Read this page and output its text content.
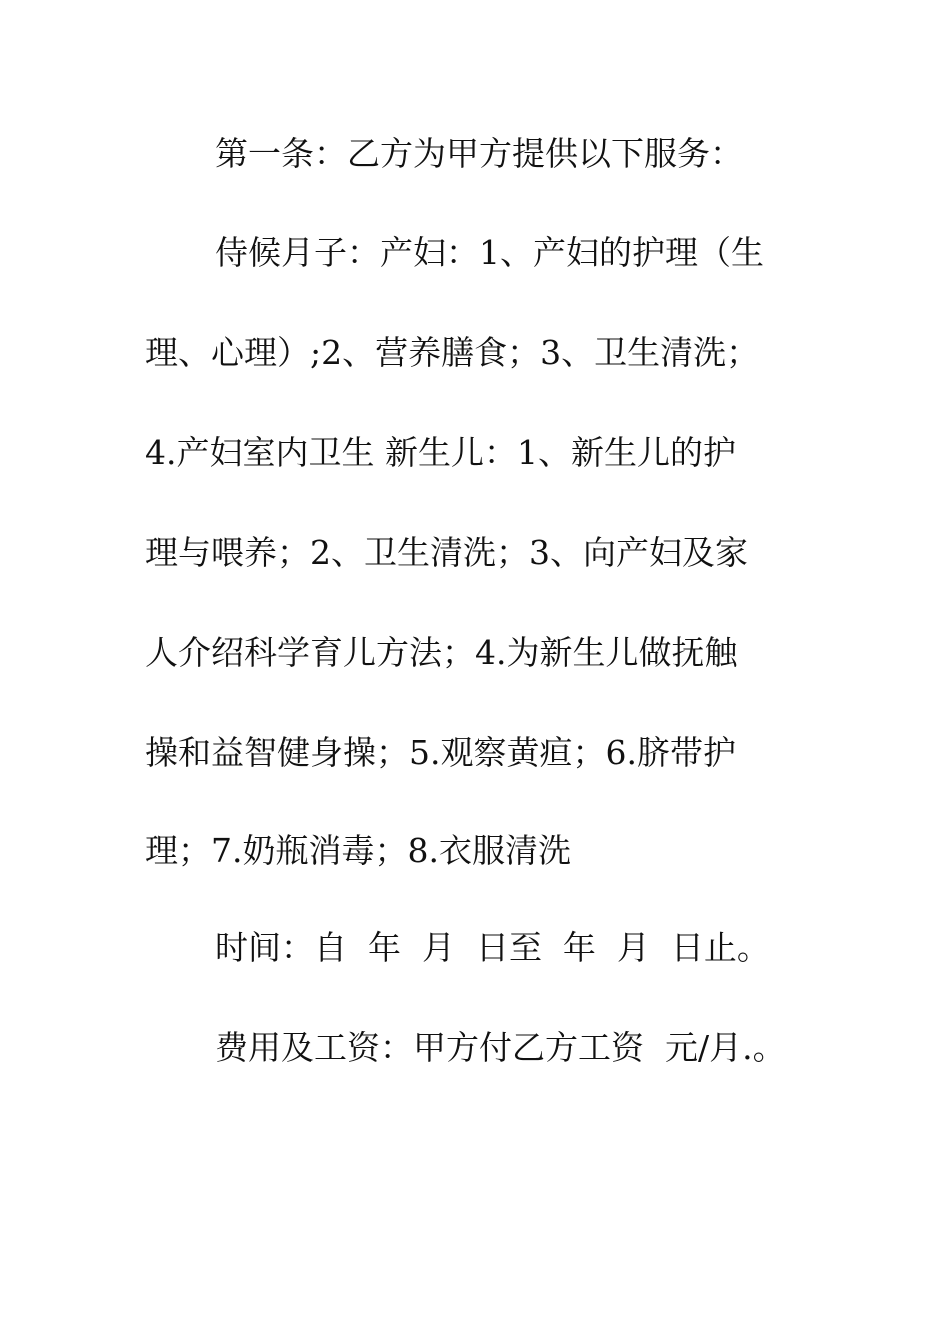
第一条：乙方为甲方提供以下服务：

侍候月子：产妇：1、产妇的护理（生

理、心理）;2、营养膳食；3、卫生清洗；

4.产妇室内卫生 新生儿：1、新生儿的护

理与喂养；2、卫生清洗；3、向产妇及家

人介绍科学育儿方法；4.为新生儿做抚触

操和益智健身操；5.观察黄疸；6.脐带护

理；7.奶瓶消毒；8.衣服清洗

时间：自  年  月  日至  年  月  日止。

费用及工资：甲方付乙方工资  元/月.。
